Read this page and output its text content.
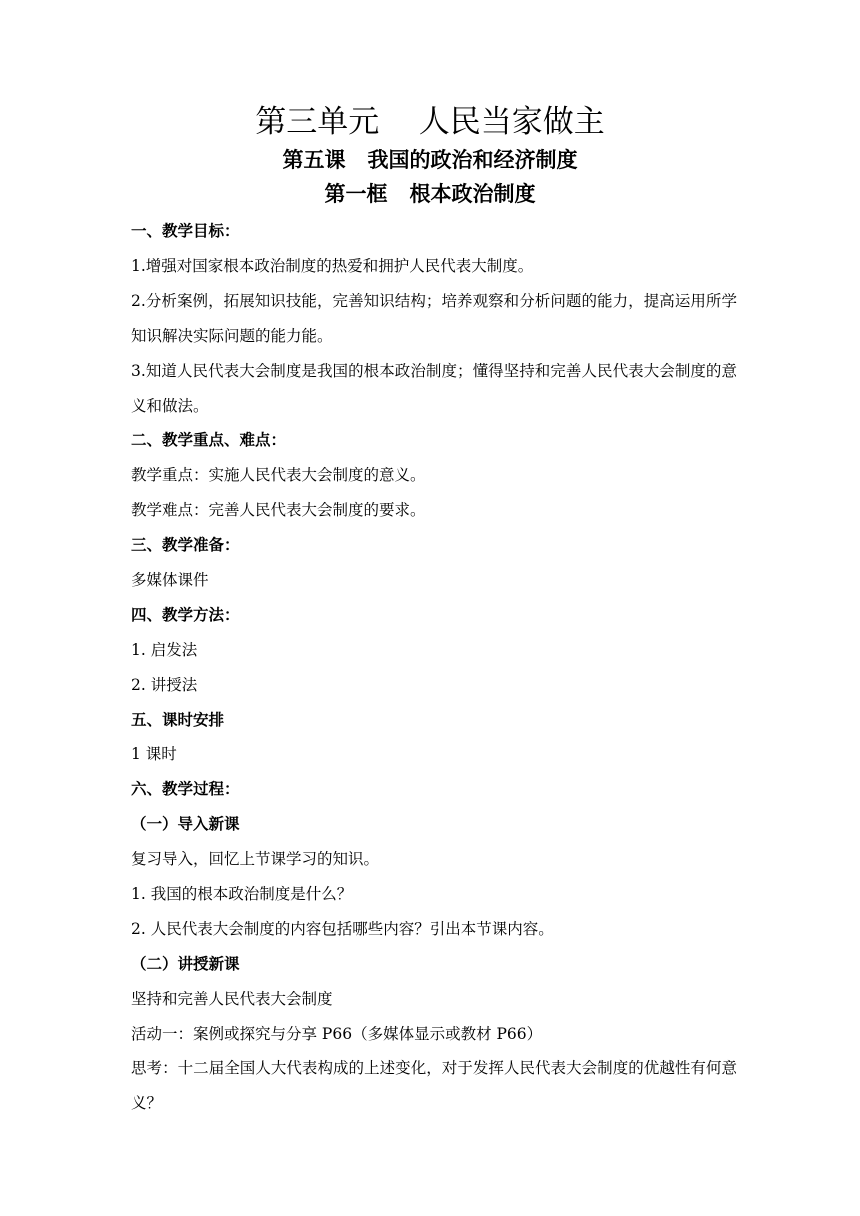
第三单元    人民当家做主
第五课   我国的政治和经济制度
第一框   根本政治制度
一、教学目标：
1.增强对国家根本政治制度的热爱和拥护人民代表大制度。
2.分析案例，拓展知识技能，完善知识结构；培养观察和分析问题的能力，提高运用所学知识解决实际问题的能力能。
3.知道人民代表大会制度是我国的根本政治制度；懂得坚持和完善人民代表大会制度的意义和做法。
二、教学重点、难点：
教学重点：实施人民代表大会制度的意义。
教学难点：完善人民代表大会制度的要求。
三、教学准备：
多媒体课件
四、教学方法：
1. 启发法
2. 讲授法
五、课时安排
1 课时
六、教学过程：
（一）导入新课
复习导入，回忆上节课学习的知识。
1. 我国的根本政治制度是什么？
2. 人民代表大会制度的内容包括哪些内容？引出本节课内容。
（二）讲授新课
坚持和完善人民代表大会制度
活动一：案例或探究与分享 P66（多媒体显示或教材 P66）
思考：十二届全国人大代表构成的上述变化，对于发挥人民代表大会制度的优越性有何意义？
